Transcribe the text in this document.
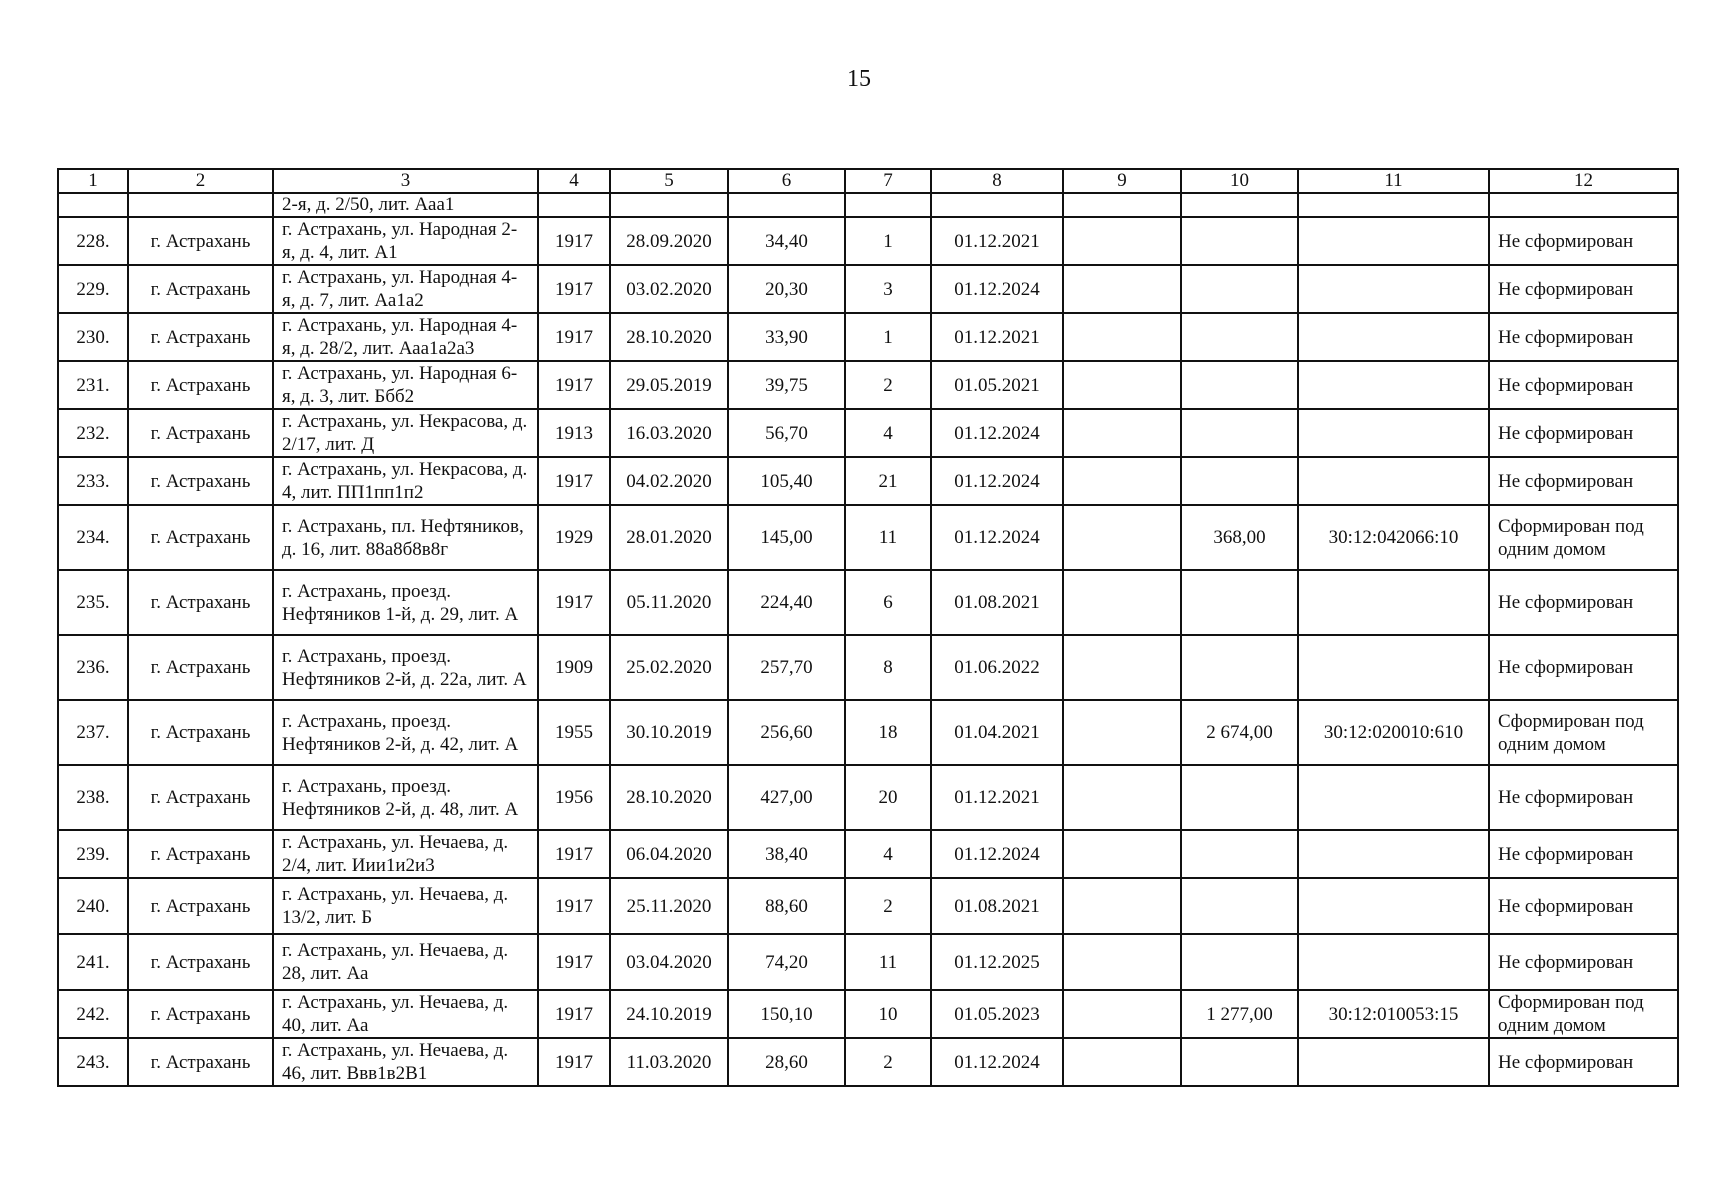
15
1	2	3	4	5	6	7	8	9	10	11	12
		2-я, д. 2/50, лит. Ааа1									
228.	г. Астрахань	г. Астрахань, ул. Народная 2-я, д. 4, лит. А1	1917	28.09.2020	34,40	1	01.12.2021				Не сформирован
229.	г. Астрахань	г. Астрахань, ул. Народная 4-я, д. 7, лит. Аа1а2	1917	03.02.2020	20,30	3	01.12.2024				Не сформирован
230.	г. Астрахань	г. Астрахань, ул. Народная 4-я, д. 28/2, лит. Ааа1а2а3	1917	28.10.2020	33,90	1	01.12.2021				Не сформирован
231.	г. Астрахань	г. Астрахань, ул. Народная 6-я, д. 3, лит. Ббб2	1917	29.05.2019	39,75	2	01.05.2021				Не сформирован
232.	г. Астрахань	г. Астрахань, ул. Некрасова, д. 2/17, лит. Д	1913	16.03.2020	56,70	4	01.12.2024				Не сформирован
233.	г. Астрахань	г. Астрахань, ул. Некрасова, д. 4, лит. ПП1пп1п2	1917	04.02.2020	105,40	21	01.12.2024				Не сформирован
234.	г. Астрахань	г. Астрахань, пл. Нефтяников, д. 16, лит. 88а8б8в8г	1929	28.01.2020	145,00	11	01.12.2024		368,00	30:12:042066:10	Сформирован под одним домом
235.	г. Астрахань	г. Астрахань, проезд. Нефтяников 1-й, д. 29, лит. А	1917	05.11.2020	224,40	6	01.08.2021				Не сформирован
236.	г. Астрахань	г. Астрахань, проезд. Нефтяников 2-й, д. 22а, лит. А	1909	25.02.2020	257,70	8	01.06.2022				Не сформирован
237.	г. Астрахань	г. Астрахань, проезд. Нефтяников 2-й, д. 42, лит. А	1955	30.10.2019	256,60	18	01.04.2021		2 674,00	30:12:020010:610	Сформирован под одним домом
238.	г. Астрахань	г. Астрахань, проезд. Нефтяников 2-й, д. 48, лит. А	1956	28.10.2020	427,00	20	01.12.2021				Не сформирован
239.	г. Астрахань	г. Астрахань, ул. Нечаева, д. 2/4, лит. Иии1и2и3	1917	06.04.2020	38,40	4	01.12.2024				Не сформирован
240.	г. Астрахань	г. Астрахань, ул. Нечаева, д. 13/2, лит. Б	1917	25.11.2020	88,60	2	01.08.2021				Не сформирован
241.	г. Астрахань	г. Астрахань, ул. Нечаева, д. 28, лит. Аа	1917	03.04.2020	74,20	11	01.12.2025				Не сформирован
242.	г. Астрахань	г. Астрахань, ул. Нечаева, д. 40, лит. Аа	1917	24.10.2019	150,10	10	01.05.2023		1 277,00	30:12:010053:15	Сформирован под одним домом
243.	г. Астрахань	г. Астрахань, ул. Нечаева, д. 46, лит. Ввв1в2В1	1917	11.03.2020	28,60	2	01.12.2024				Не сформирован
